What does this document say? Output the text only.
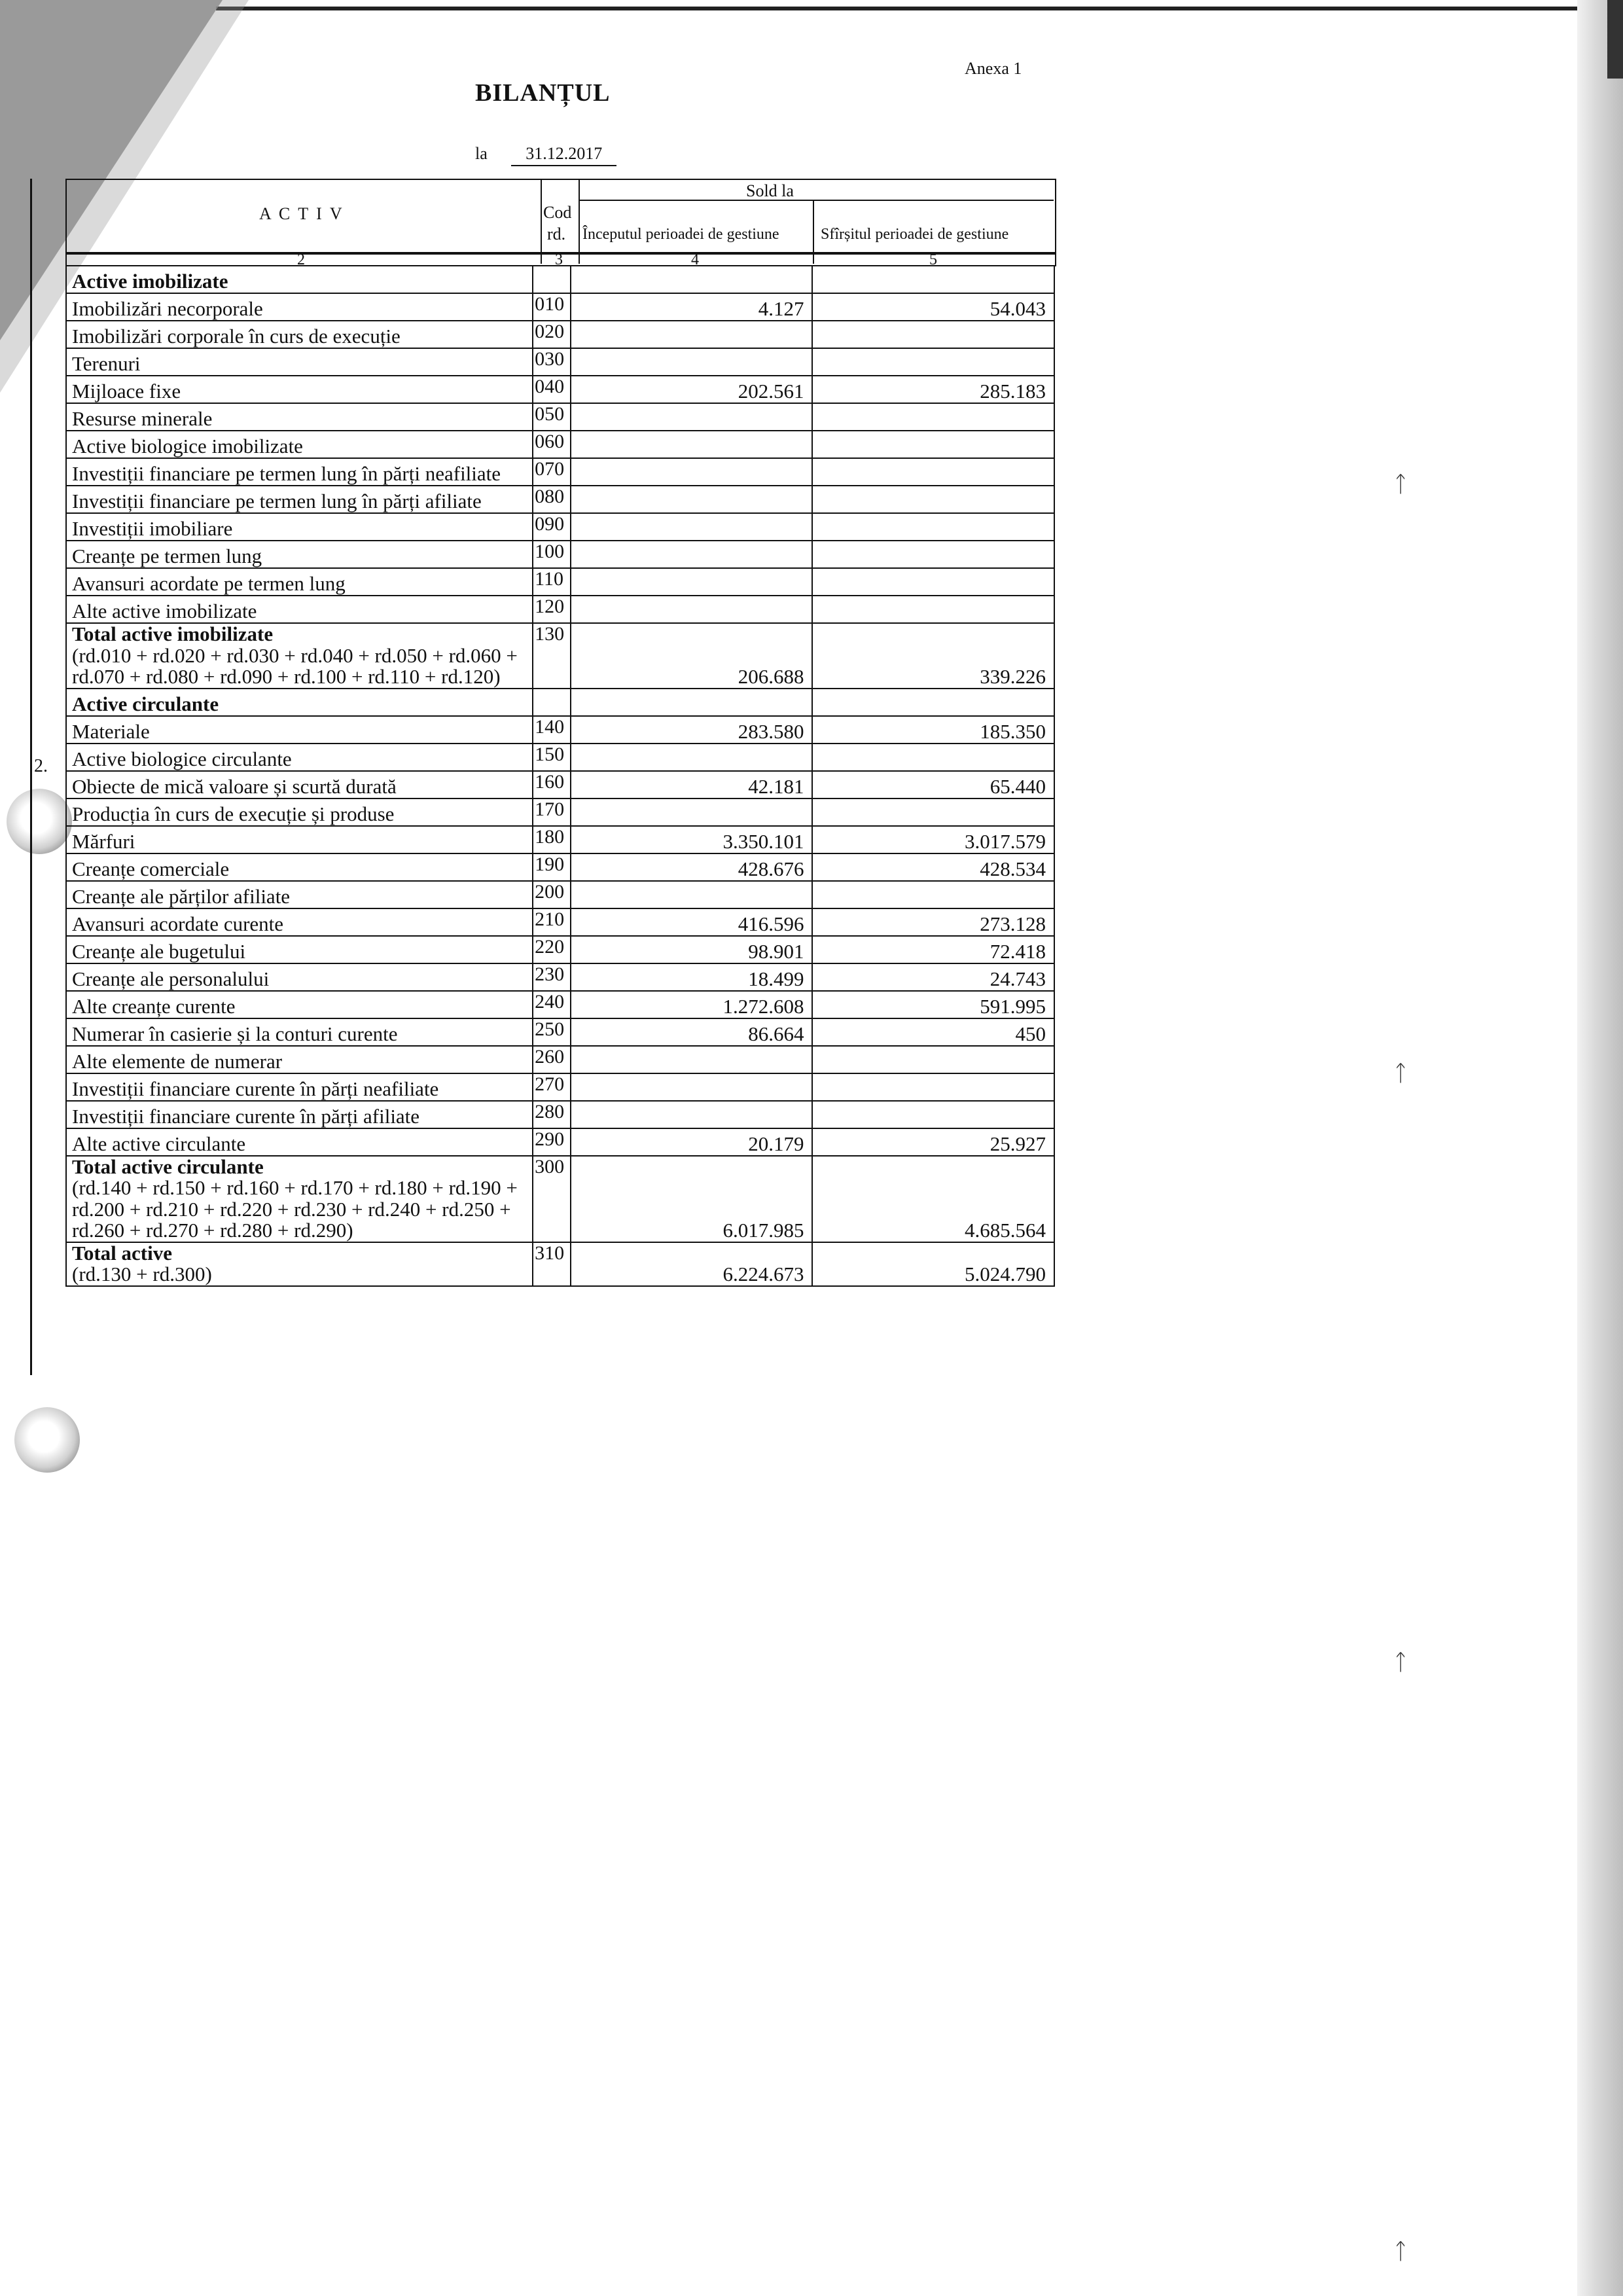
ᛏ
ᛏ
ᛏ
ᛏ
Anexa 1
BILANȚUL
la 31.12.2017
A C T I V	Cod
rd.
Sold la
Începutul perioadei de gestiune	Sfîrșitul perioadei de gestiune
2	3	4	5
2.
Active imobilizate			
Imobilizări necorporale	010	4.127	54.043
Imobilizări corporale în curs de execuție	020		
Terenuri	030		
Mijloace fixe	040	202.561	285.183
Resurse minerale	050		
Active biologice imobilizate	060		
Investiții financiare pe termen lung în părți neafiliate	070		
Investiții financiare pe termen lung în părți afiliate	080		
Investiții imobiliare	090		
Creanțe pe termen lung	100		
Avansuri acordate pe termen lung	110		
Alte active imobilizate	120		
Total active imobilizate
(rd.010 + rd.020 + rd.030 + rd.040 + rd.050 + rd.060 + rd.070 + rd.080 + rd.090 + rd.100 + rd.110 + rd.120)	130	206.688	339.226
Active circulante			
Materiale	140	283.580	185.350
Active biologice circulante	150		
Obiecte de mică valoare și scurtă durată	160	42.181	65.440
Producția în curs de execuție și produse	170		
Mărfuri	180	3.350.101	3.017.579
Creanțe comerciale	190	428.676	428.534
Creanțe ale părților afiliate	200		
Avansuri acordate curente	210	416.596	273.128
Creanțe ale bugetului	220	98.901	72.418
Creanțe ale personalului	230	18.499	24.743
Alte creanțe curente	240	1.272.608	591.995
Numerar în casierie și la conturi curente	250	86.664	450
Alte elemente de numerar	260		
Investiții financiare curente în părți neafiliate	270		
Investiții financiare curente în părți afiliate	280		
Alte active circulante	290	20.179	25.927
Total active circulante
(rd.140 + rd.150 + rd.160 + rd.170 + rd.180 + rd.190 + rd.200 + rd.210 + rd.220 + rd.230 + rd.240 + rd.250 + rd.260 + rd.270 + rd.280 + rd.290)	300	6.017.985	4.685.564
Total active
(rd.130 + rd.300)	310	6.224.673	5.024.790
